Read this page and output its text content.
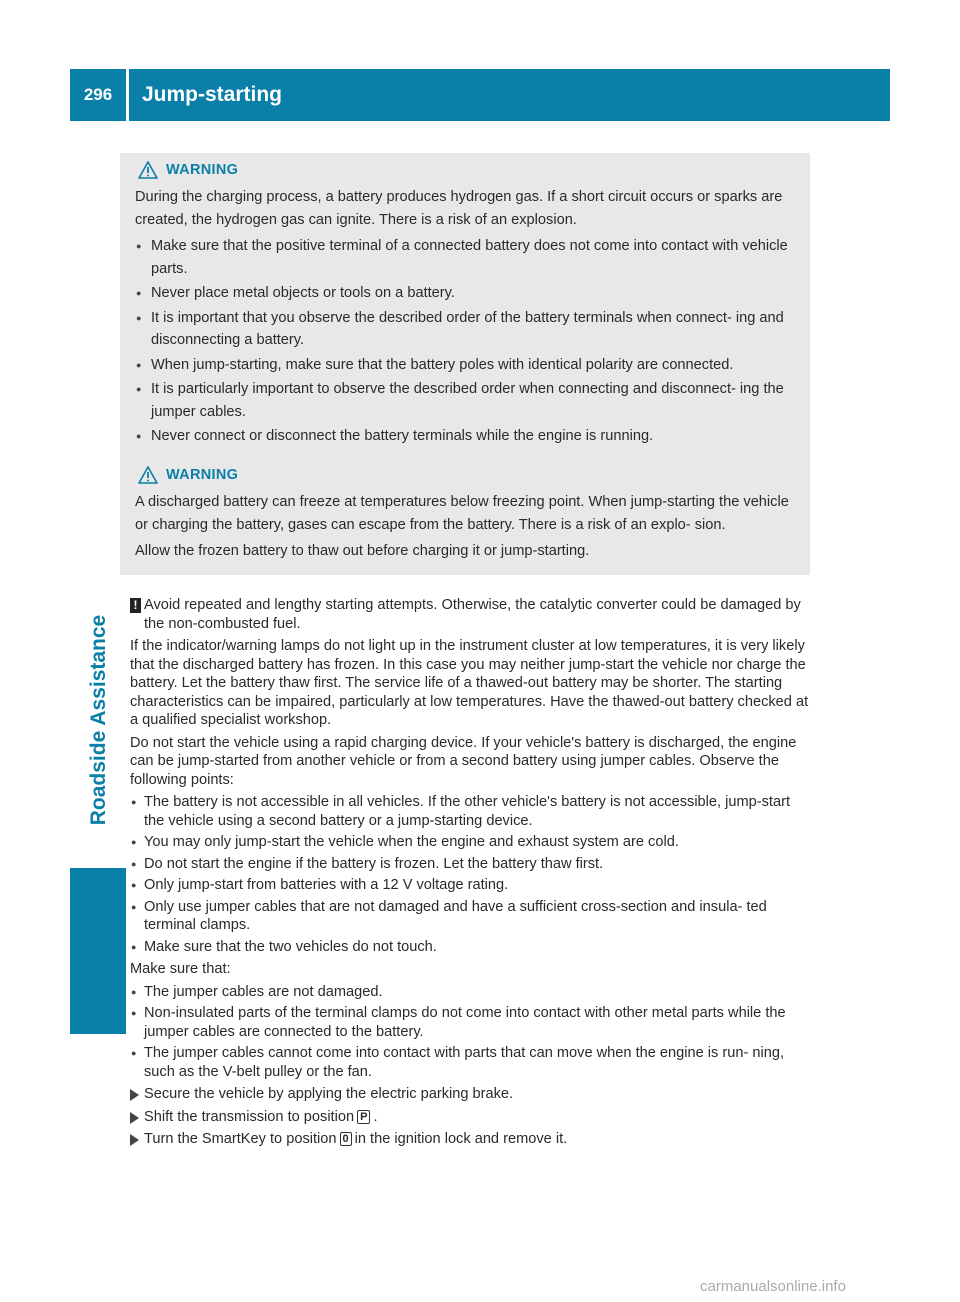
296	Jump-starting
Roadside Assistance
WARNING

During the charging process, a battery produces hydrogen gas. If a short circuit occurs or sparks are created, the hydrogen gas can ignite. There is a risk of an explosion.

● Make sure that the positive terminal of a connected battery does not come into contact with vehicle parts.
● Never place metal objects or tools on a battery.
● It is important that you observe the described order of the battery terminals when connect- ing and disconnecting a battery.
● When jump-starting, make sure that the battery poles with identical polarity are connected.
● It is particularly important to observe the described order when connecting and disconnect- ing the jumper cables.
● Never connect or disconnect the battery terminals while the engine is running.
WARNING

A discharged battery can freeze at temperatures below freezing point. When jump-starting the vehicle or charging the battery, gases can escape from the battery. There is a risk of an explo- sion.

Allow the frozen battery to thaw out before charging it or jump-starting.

! Avoid repeated and lengthy starting attempts. Otherwise, the catalytic converter could be damaged by the non-combusted fuel.

If the indicator/warning lamps do not light up in the instrument cluster at low temperatures, it is very likely that the discharged battery has frozen. In this case you may neither jump-start the vehicle nor charge the battery. Let the battery thaw first. The service life of a thawed-out battery may be shorter. The starting characteristics can be impaired, particularly at low temperatures. Have the thawed-out battery checked at a qualified specialist workshop.

Do not start the vehicle using a rapid charging device. If your vehicle's battery is discharged, the engine can be jump-started from another vehicle or from a second battery using jumper cables. Observe the following points:

● The battery is not accessible in all vehicles. If the other vehicle's battery is not accessible, jump-start the vehicle using a second battery or a jump-starting device.
● You may only jump-start the vehicle when the engine and exhaust system are cold.
● Do not start the engine if the battery is frozen. Let the battery thaw first.
● Only jump-start from batteries with a 12 V voltage rating.
● Only use jumper cables that are not damaged and have a sufficient cross-section and insula- ted terminal clamps.
● Make sure that the two vehicles do not touch.

Make sure that:

● The jumper cables are not damaged.
● Non-insulated parts of the terminal clamps do not come into contact with other metal parts while the jumper cables are connected to the battery.
● The jumper cables cannot come into contact with parts that can move when the engine is run- ning, such as the V-belt pulley or the fan.
Secure the vehicle by applying the electric parking brake.
Shift the transmission to position P .
Turn the SmartKey to position 0 in the ignition lock and remove it.
carmanualsonline.info
